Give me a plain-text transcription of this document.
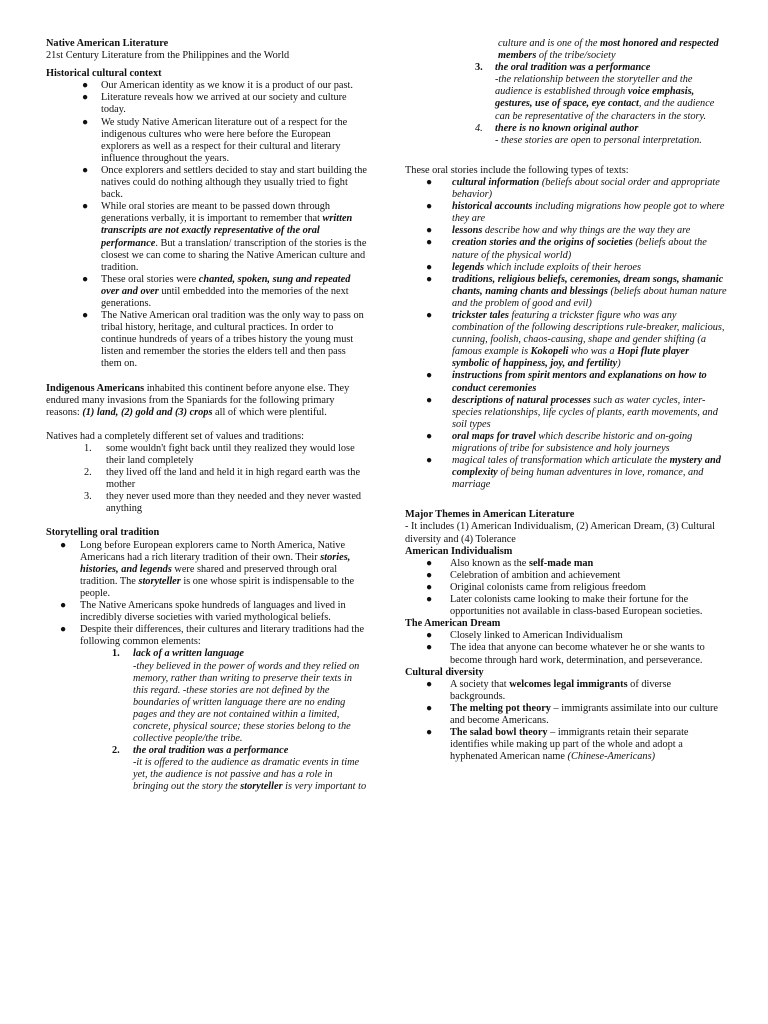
Native American Literature

21st Century Literature from the Philippines and the World

Historical cultural context

● Our American identity as we know it is a product of our past.
● Literature reveals how we arrived at our society and culture today.
● We study Native American literature out of a respect for the indigenous cultures who were here before the European explorers as well as a respect for their cultural and literary influence throughout the years.
● Once explorers and settlers decided to stay and start building the natives could do nothing although they usually tried to fight back.
● While oral stories are meant to be passed down through generations verbally, it is important to remember that written transcripts are not exactly representative of the oral performance. But a translation/ transcription of the stories is the closest we can come to sharing the Native American culture and tradition.
● These oral stories were chanted, spoken, sung and repeated over and over until embedded into the memories of the next generations.
● The Native American oral tradition was the only way to pass on tribal history, heritage, and cultural practices. In order to continue hundreds of years of a tribes history the young must listen and remember the stories the elders tell and then pass them on.

Indigenous Americans inhabited this continent before anyone else. They endured many invasions from the Spaniards for the following primary reasons: (1) land, (2) gold and (3) crops all of which were plentiful.

Natives had a completely different set of values and traditions:

1. some wouldn't fight back until they realized they would lose their land completely
2. they lived off the land and held it in high regard earth was the mother
3. they never used more than they needed and they never wasted anything

Storytelling oral tradition

● Long before European explorers came to North America, Native Americans had a rich literary tradition of their own. Their stories, histories, and legends were shared and preserved through oral tradition. The storyteller is one whose spirit is indispensable to the people.
● The Native Americans spoke hundreds of languages and lived in incredibly diverse societies with varied mythological beliefs.
● Despite their differences, their cultures and literary traditions had the following common elements:
1. lack of a written language

-they believed in the power of words and they relied on memory, rather than writing to preserve their texts in this regard. -these stories are not defined by the boundaries of written language there are no ending pages and they are not contained within a limited, concrete, physical source; these stories belong to the collective people/the tribe.

2. the oral tradition was a performance

-it is offered to the audience as dramatic events in time yet, the audience is not passive and has a role in bringing out the story the storyteller is very important to

culture and is one of the most honored and respected members of the tribe/society

3. the oral tradition was a performance

-the relationship between the storyteller and the audience is established through voice emphasis, gestures, use of space, eye contact, and the audience can be representative of the characters in the story.

4. there is no known original author

- these stories are open to personal interpretation.

These oral stories include the following types of texts:

● cultural information (beliefs about social order and appropriate behavior)
● historical accounts including migrations how people got to where they are
● lessons describe how and why things are the way they are
● creation stories and the origins of societies (beliefs about the nature of the physical world)
● legends which include exploits of their heroes
● traditions, religious beliefs, ceremonies, dream songs, shamanic chants, naming chants and blessings (beliefs about human nature and the problem of good and evil)
● trickster tales featuring a trickster figure who was any combination of the following descriptions rule-breaker, malicious, cunning, foolish, chaos-causing, shape and gender shifting (a famous example is Kokopeli who was a Hopi flute player symbolic of happiness, joy, and fertility)
● instructions from spirit mentors and explanations on how to conduct ceremonies
● descriptions of natural processes such as water cycles, inter-species relationships, life cycles of plants, earth movements, and soil types
● oral maps for travel which describe historic and on-going migrations of tribe for subsistence and holy journeys
● magical tales of transformation which articulate the mystery and complexity of being human adventures in love, romance, and marriage

Major Themes in American Literature

- It includes (1) American Individualism, (2) American Dream, (3) Cultural diversity and (4) Tolerance

American Individualism

● Also known as the self-made man
● Celebration of ambition and achievement
● Original colonists came from religious freedom
● Later colonists came looking to make their fortune for the opportunities not available in class-based European societies.

The American Dream

● Closely linked to American Individualism
● The idea that anyone can become whatever he or she wants to become through hard work, determination, and perseverance.

Cultural diversity

● A society that welcomes legal immigrants of diverse backgrounds.
● The melting pot theory – immigrants assimilate into our culture and become Americans.
● The salad bowl theory – immigrants retain their separate identifies while making up part of the whole and adopt a hyphenated American name (Chinese-Americans)
